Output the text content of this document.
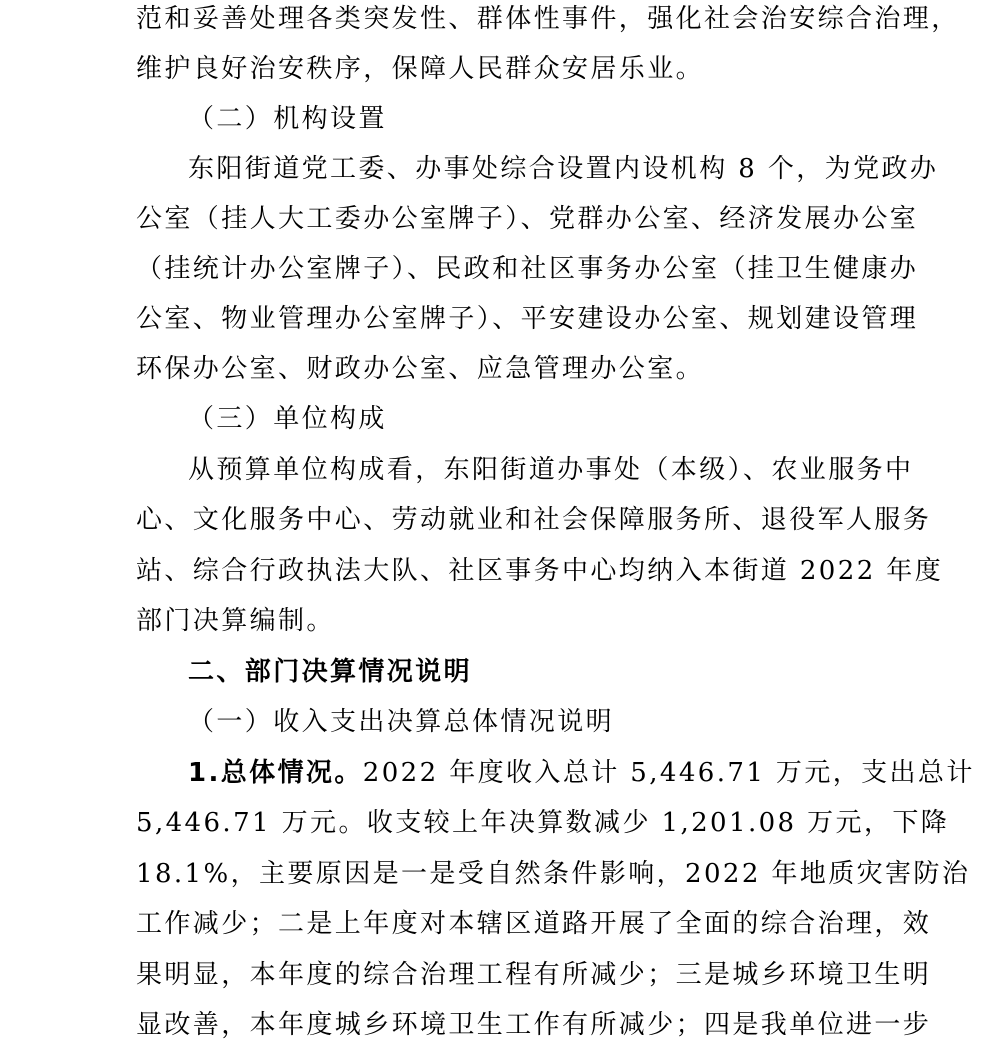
范和妥善处理各类突发性、群体性事件，强化社会治安综合治理，
维护良好治安秩序，保障人民群众安居乐业。
（二）机构设置
东阳街道党工委、办事处综合设置内设机构 8 个，为党政办
公室（挂人大工委办公室牌子）、党群办公室、经济发展办公室
（挂统计办公室牌子）、民政和社区事务办公室（挂卫生健康办
公室、物业管理办公室牌子）、平安建设办公室、规划建设管理
环保办公室、财政办公室、应急管理办公室。
（三）单位构成
从预算单位构成看，东阳街道办事处（本级）、农业服务中
心、文化服务中心、劳动就业和社会保障服务所、退役军人服务
站、综合行政执法大队、社区事务中心均纳入本街道 2022 年度
部门决算编制。
二、部门决算情况说明
（一）收入支出决算总体情况说明
1.总体情况。2022 年度收入总计 5,446.71 万元，支出总计
5,446.71 万元。收支较上年决算数减少 1,201.08 万元，下降
18.1%，主要原因是一是受自然条件影响，2022 年地质灾害防治
工作减少；二是上年度对本辖区道路开展了全面的综合治理，效
果明显，本年度的综合治理工程有所减少；三是城乡环境卫生明
显改善，本年度城乡环境卫生工作有所减少；四是我单位进一步
